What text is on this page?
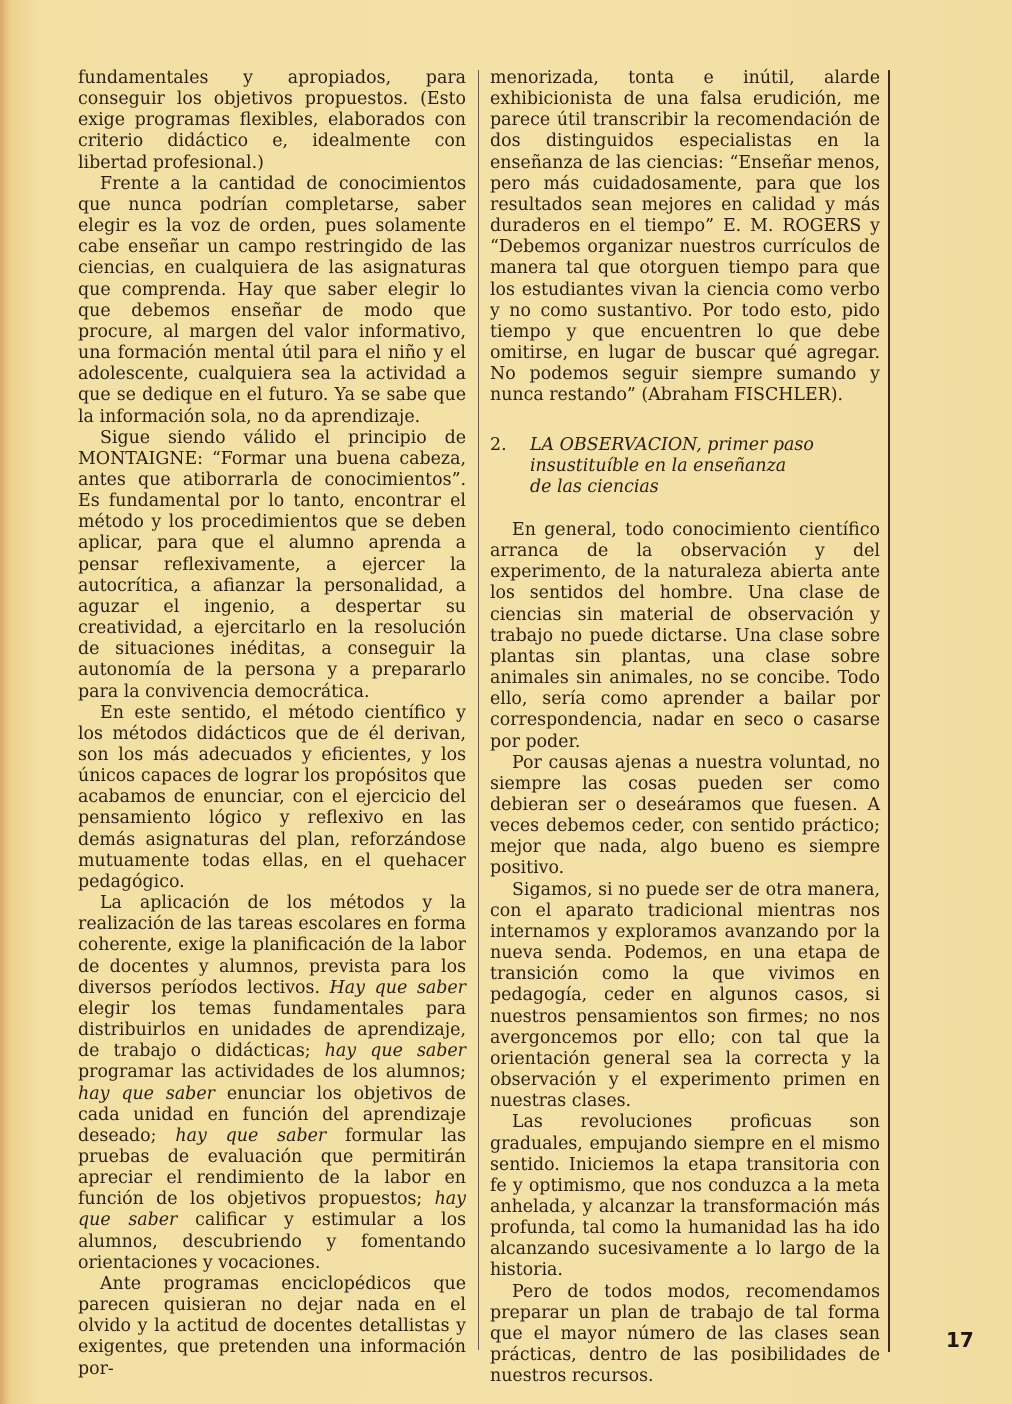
fundamentales y apropiados, para conseguir los objetivos propuestos. (Esto exige programas flexibles, elaborados con criterio didáctico e, idealmente con libertad profesional.)

Frente a la cantidad de conocimientos que nunca podrían completarse, saber elegir es la voz de orden, pues solamente cabe enseñar un campo restringido de las ciencias, en cualquiera de las asignaturas que comprenda. Hay que saber elegir lo que debemos enseñar de modo que procure, al margen del valor informativo, una formación mental útil para el niño y el adolescente, cualquiera sea la actividad a que se dedique en el futuro. Ya se sabe que la información sola, no da aprendizaje.

Sigue siendo válido el principio de MONTAIGNE: “Formar una buena cabeza, antes que atiborrarla de conocimientos”. Es fundamental por lo tanto, encontrar el método y los procedimientos que se deben aplicar, para que el alumno aprenda a pensar reflexivamente, a ejercer la autocrítica, a afianzar la personalidad, a aguzar el ingenio, a despertar su creatividad, a ejercitarlo en la resolución de situaciones inéditas, a conseguir la autonomía de la persona y a prepararlo para la convivencia democrática.

En este sentido, el método científico y los métodos didácticos que de él derivan, son los más adecuados y eficientes, y los únicos capaces de lograr los propósitos que acabamos de enunciar, con el ejercicio del pensamiento lógico y reflexivo en las demás asignaturas del plan, reforzándose mutuamente todas ellas, en el quehacer pedagógico.

La aplicación de los métodos y la realización de las tareas escolares en forma coherente, exige la planificación de la labor de docentes y alumnos, prevista para los diversos períodos lectivos. Hay que saber elegir los temas fundamentales para distribuirlos en unidades de aprendizaje, de trabajo o didácticas; hay que saber programar las actividades de los alumnos; hay que saber enunciar los objetivos de cada unidad en función del aprendizaje deseado; hay que saber formular las pruebas de evaluación que permitirán apreciar el rendimiento de la labor en función de los objetivos propuestos; hay que saber calificar y estimular a los alumnos, descubriendo y fomentando orientaciones y vocaciones.

Ante programas enciclopédicos que parecen quisieran no dejar nada en el olvido y la actitud de docentes detallistas y exigentes, que pretenden una información por-

menorizada, tonta e inútil, alarde exhibicionista de una falsa erudición, me parece útil transcribir la recomendación de dos distinguidos especialistas en la enseñanza de las ciencias: “Enseñar menos, pero más cuidadosamente, para que los resultados sean mejores en calidad y más duraderos en el tiempo” E. M. ROGERS y “Debemos organizar nuestros currículos de manera tal que otorguen tiempo para que los estudiantes vivan la ciencia como verbo y no como sustantivo. Por todo esto, pido tiempo y que encuentren lo que debe omitirse, en lugar de buscar qué agregar. No podemos seguir siempre sumando y nunca restando” (Abraham FISCHLER).

2.	LA OBSERVACION, primer paso
insustituíble en la enseñanza
de las ciencias

En general, todo conocimiento científico arranca de la observación y del experimento, de la naturaleza abierta ante los sentidos del hombre. Una clase de ciencias sin material de observación y trabajo no puede dictarse. Una clase sobre plantas sin plantas, una clase sobre animales sin animales, no se concibe. Todo ello, sería como aprender a bailar por correspondencia, nadar en seco o casarse por poder.

Por causas ajenas a nuestra voluntad, no siempre las cosas pueden ser como debieran ser o deseáramos que fuesen. A veces debemos ceder, con sentido práctico; mejor que nada, algo bueno es siempre positivo.

Sigamos, si no puede ser de otra manera, con el aparato tradicional mientras nos internamos y exploramos avanzando por la nueva senda. Podemos, en una etapa de transición como la que vivimos en pedagogía, ceder en algunos casos, si nuestros pensamientos son firmes; no nos avergoncemos por ello; con tal que la orientación general sea la correcta y la observación y el experimento primen en nuestras clases.

Las revoluciones proficuas son graduales, empujando siempre en el mismo sentido. Iniciemos la etapa transitoria con fe y optimismo, que nos conduzca a la meta anhelada, y alcanzar la transformación más profunda, tal como la humanidad las ha ido alcanzando sucesivamente a lo largo de la historia.

Pero de todos modos, recomendamos preparar un plan de trabajo de tal forma que el mayor número de las clases sean prácticas, dentro de las posibilidades de nuestros recursos.

17
